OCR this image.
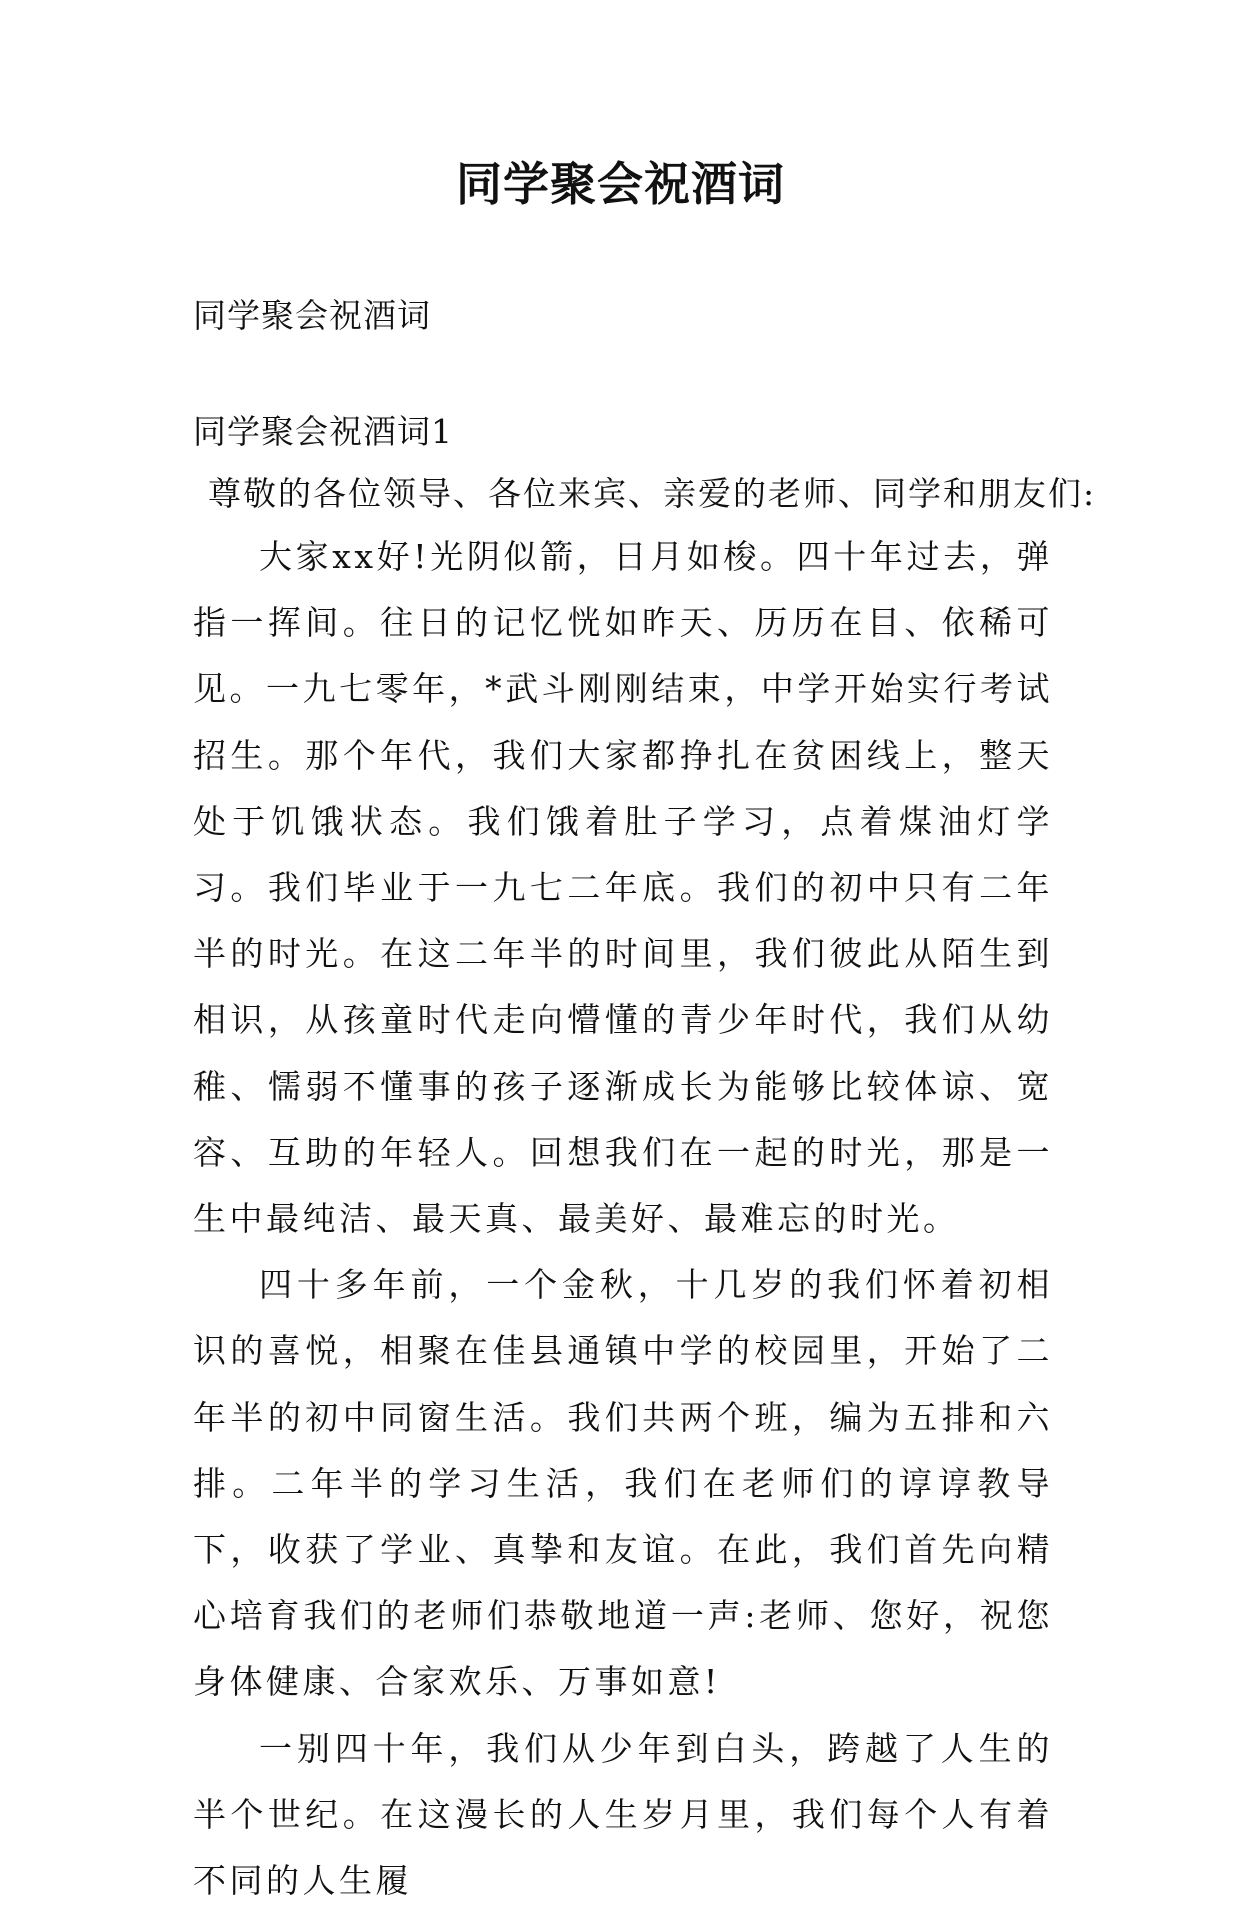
同学聚会祝酒词
同学聚会祝酒词
同学聚会祝酒词1
尊敬的各位领导、各位来宾、亲爱的老师、同学和朋友们:

大家xx好!光阴似箭，日月如梭。四十年过去，弹指一挥间。往日的记忆恍如昨天、历历在目、依稀可见。一九七零年，*武斗刚刚结束，中学开始实行考试招生。那个年代，我们大家都挣扎在贫困线上，整天处于饥饿状态。我们饿着肚子学习，点着煤油灯学习。我们毕业于一九七二年底。我们的初中只有二年半的时光。在这二年半的时间里，我们彼此从陌生到相识，从孩童时代走向懵懂的青少年时代，我们从幼稚、懦弱不懂事的孩子逐渐成长为能够比较体谅、宽容、互助的年轻人。回想我们在一起的时光，那是一生中最纯洁、最天真、最美好、最难忘的时光。

四十多年前，一个金秋，十几岁的我们怀着初相识的喜悦，相聚在佳县通镇中学的校园里，开始了二年半的初中同窗生活。我们共两个班，编为五排和六排。二年半的学习生活，我们在老师们的谆谆教导下，收获了学业、真挚和友谊。在此，我们首先向精心培育我们的老师们恭敬地道一声:老师、您好，祝您身体健康、合家欢乐、万事如意!

一别四十年，我们从少年到白头，跨越了人生的半个世纪。在这漫长的人生岁月里，我们每个人有着不同的人生履
